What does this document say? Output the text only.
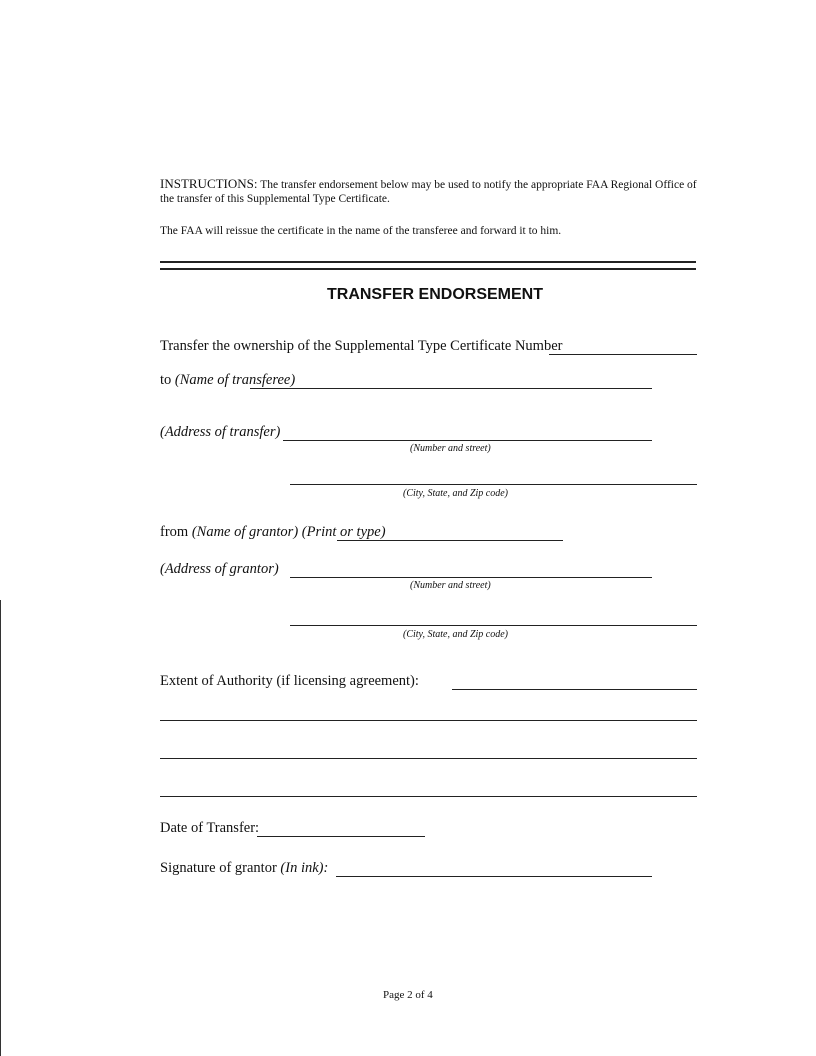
INSTRUCTIONS: The transfer endorsement below may be used to notify the appropriate FAA Regional Office of
the transfer of this Supplemental Type Certificate.
The FAA will reissue the certificate in the name of the transferee and forward it to him.
TRANSFER ENDORSEMENT
Transfer the ownership of the Supplemental Type Certificate Number
to (Name of transferee)
(Address of transfer)
(Number and street)
(City, State, and Zip code)
from (Name of grantor) (Print or type)
(Address of grantor)
(Number and street)
(City, State, and Zip code)
Extent of Authority (if licensing agreement):
Date of Transfer:
Signature of grantor (In ink):
Page 2 of 4
